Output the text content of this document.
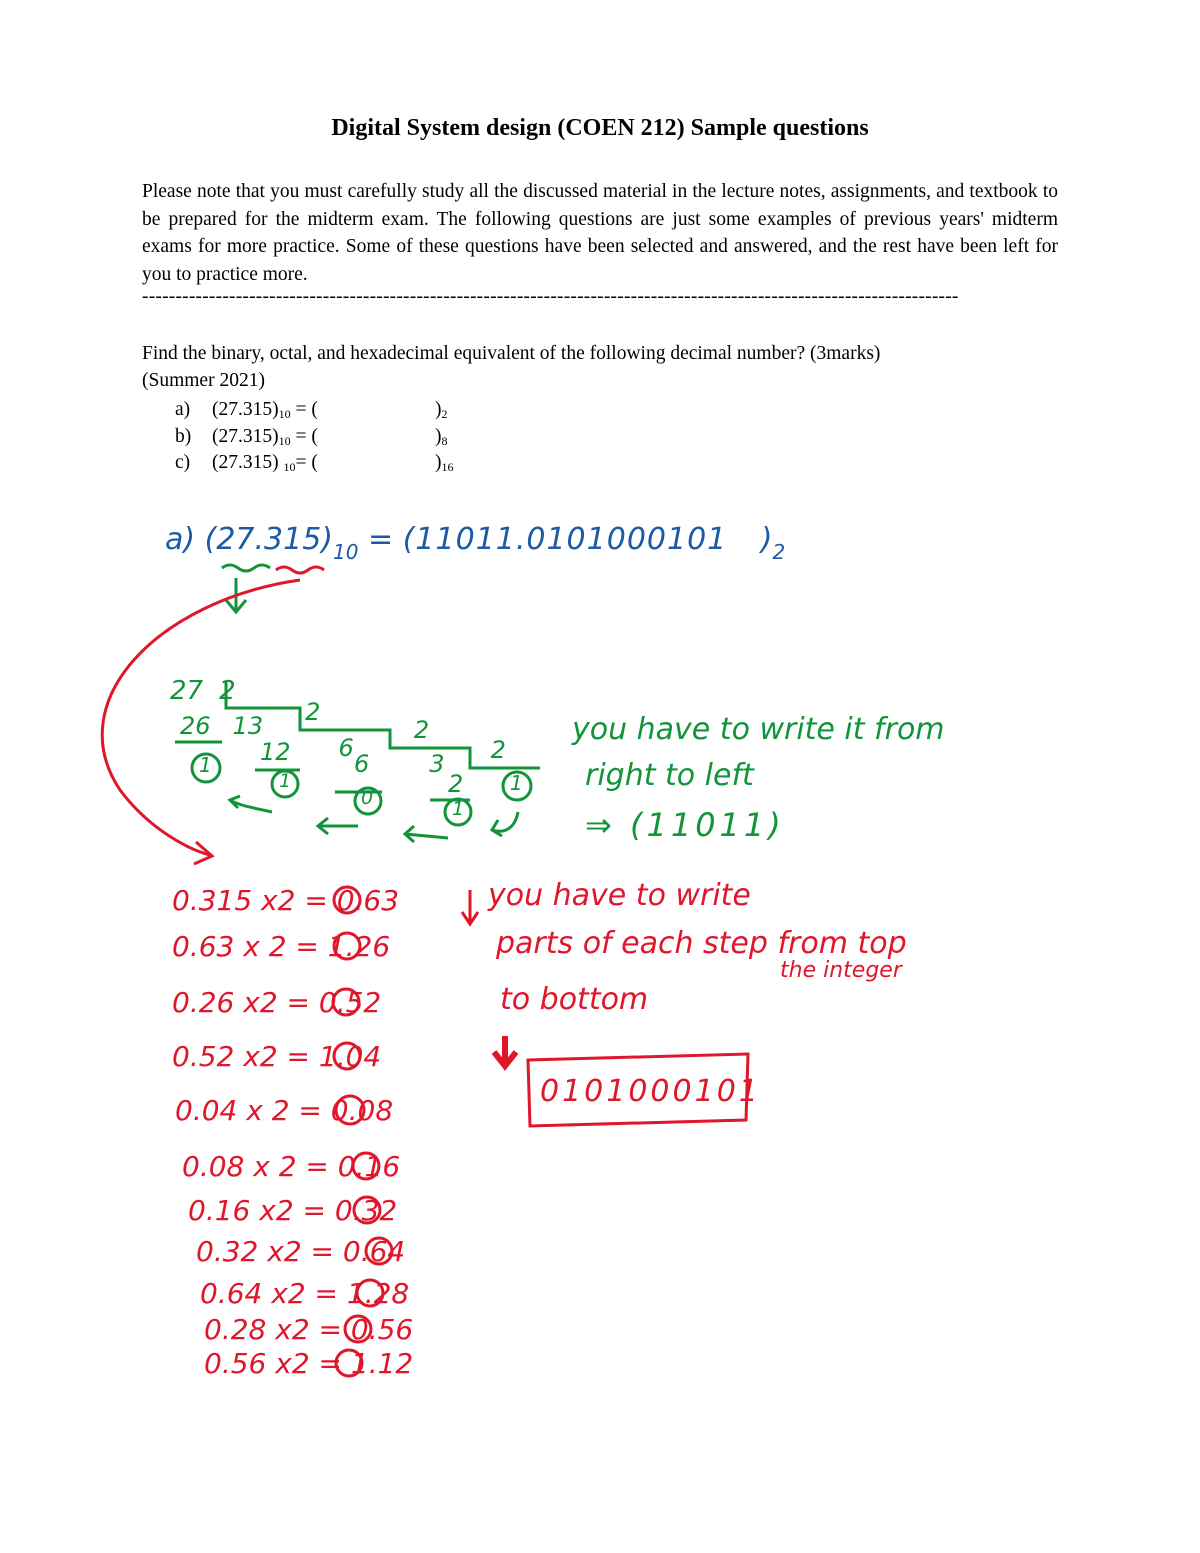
Digital System design (COEN 212) Sample questions
Please note that you must carefully study all the discussed material in the lecture notes, assignments, and textbook to be prepared for the midterm exam. The following questions are just some examples of previous years' midterm exams for more practice. Some of these questions have been selected and answered, and the rest have been left for you to practice more.
--------------------------------------------------------------------------------------------------------------------------
Find the binary, octal, and hexadecimal equivalent of the following decimal number? (3marks)
(Summer 2021)
a) $(27.315)_{10}$ = (	)$_2$
b) $(27.315)_{10}$ = (	)$_8$
c) (27.315) $_{10}$= (	)$_{16}$
a) $(27.315)_{10} = (11011.0101000101$ )$_2$
27 2
26 13 2
12 62
6	3 2
2
1
1
0	1
1
you have to write it from
right to left
⇒ (11011)
0.315 x2 = 0.63
0.63 x 2 = 1.26
0.26 x2 = 0.52
0.52 x2 = 1.04
0.04 x 2 = 0.08
0.08 x 2 = 0.16
0.16 x2 = 0.32
0.32 x2 = 0.64
0.64 x2 = 1.28
0.28 x2 = 0.56
0.56 x2 = 1.12
you have to write
parts of each step from top
the integer
to bottom
0101000101
